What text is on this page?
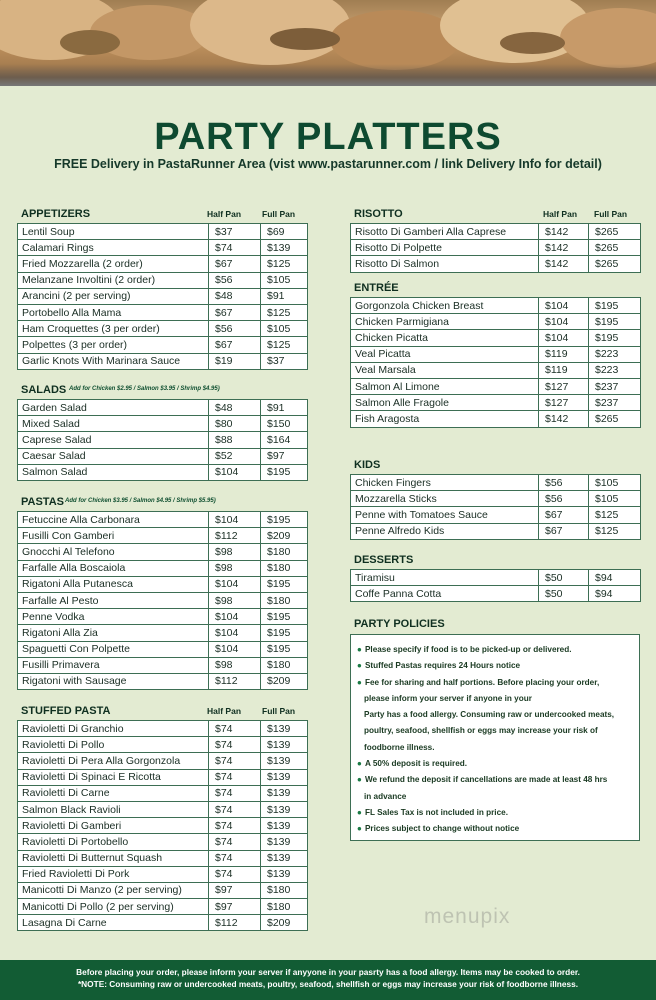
PARTY PLATTERS
FREE Delivery in PastaRunner Area (vist www.pastarunner.com / link Delivery Info for detail)
APPETIZERS	Half Pan Full Pan
Lentil Soup	$37	$69
Calamari Rings	$74	$139
Fried Mozzarella (2 order)	$67	$125
Melanzane Involtini (2 order)	$56	$105
Arancini (2 per serving)	$48	$91
Portobello Alla Mama	$67	$125
Ham Croquettes (3 per order)	$56	$105
Polpettes (3 per order)	$67	$125
Garlic Knots With Marinara Sauce	$19	$37
SALADS Add for Chicken $2.95 / Salmon $3.95 / Shrimp $4.95)
Garden Salad	$48	$91
Mixed Salad	$80	$150
Caprese Salad	$88	$164
Caesar Salad	$52	$97
Salmon Salad	$104	$195
PASTAS Add for Chicken $3.95 / Salmon $4.95 / Shrimp $5.95)
Fetuccine Alla Carbonara	$104	$195
Fusilli Con Gamberi	$112	$209
Gnocchi Al Telefono	$98	$180
Farfalle Alla Boscaiola	$98	$180
Rigatoni Alla Putanesca	$104	$195
Farfalle Al Pesto	$98	$180
Penne Vodka	$104	$195
Rigatoni Alla Zia	$104	$195
Spaguetti Con Polpette	$104	$195
Fusilli Primavera	$98	$180
Rigatoni with Sausage	$112	$209
STUFFED PASTA	Half Pan Full Pan
Ravioletti Di Granchio	$74	$139
Ravioletti Di Pollo	$74	$139
Ravioletti Di Pera Alla Gorgonzola	$74	$139
Ravioletti Di Spinaci E Ricotta	$74	$139
Ravioletti Di Carne	$74	$139
Salmon Black Ravioli	$74	$139
Ravioletti Di Gamberi	$74	$139
Ravioletti Di Portobello	$74	$139
Ravioletti Di Butternut Squash	$74	$139
Fried Ravioletti Di Pork	$74	$139
Manicotti Di Manzo (2 per serving)	$97	$180
Manicotti Di Pollo (2 per serving)	$97	$180
Lasagna Di Carne	$112	$209
RISOTTO	Half Pan Full Pan
Risotto Di Gamberi Alla Caprese	$142	$265
Risotto Di Polpette	$142	$265
Risotto Di Salmon	$142	$265
ENTRÉE
Gorgonzola Chicken Breast	$104	$195
Chicken Parmigiana	$104	$195
Chicken Picatta	$104	$195
Veal Picatta	$119	$223
Veal Marsala	$119	$223
Salmon Al Limone	$127	$237
Salmon Alle Fragole	$127	$237
Fish Aragosta	$142	$265
KIDS
Chicken Fingers	$56	$105
Mozzarella Sticks	$56	$105
Penne with Tomatoes Sauce	$67	$125
Penne Alfredo Kids	$67	$125
DESSERTS
Tiramisu	$50	$94
Coffe Panna Cotta	$50	$94
PARTY POLICIES
● Please specify if food is to be picked-up or delivered.
● Stuffed Pastas requires 24 Hours notice
● Fee for sharing and half portions. Before placing your order,
please inform your server if anyone in your
Party has a food allergy. Consuming raw or undercooked meats,
poultry, seafood, shellfish or eggs may increase your risk of
foodborne illness.
● A 50% deposit is required.
● We refund the deposit if cancellations are made at least 48 hrs
in advance
● FL Sales Tax is not included in price.
● Prices subject to change without notice
menupix
Before placing your order, please inform your server if anyyone in your pasrty has a food allergy. Items may be cooked to order.
*NOTE: Consuming raw or undercooked meats, poultry, seafood, shellfish or eggs may increase your risk of foodborne illness.
